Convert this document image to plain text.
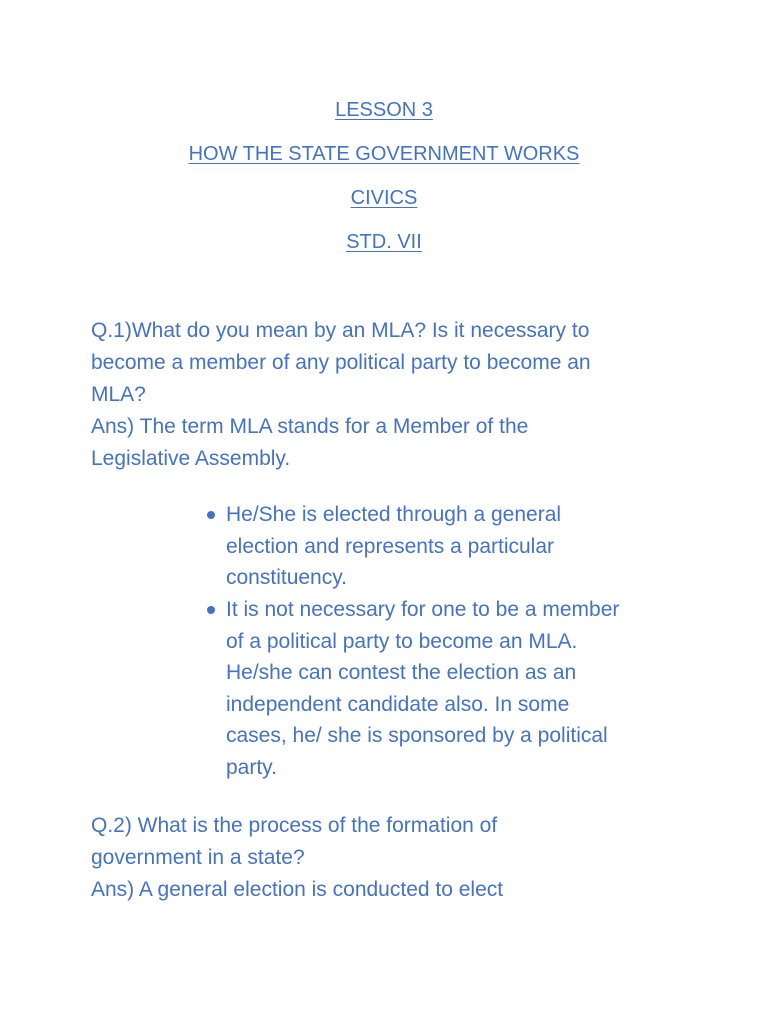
LESSON 3
HOW THE STATE GOVERNMENT WORKS
CIVICS
STD. VII
Q.1)What do you mean by an MLA? Is it necessary to
become a member of any political party to become an
MLA?
Ans) The term MLA stands for a Member of the
Legislative Assembly.
He/She is elected through a general
election and represents a particular
constituency.
It is not necessary for one to be a member
of a political party to become an MLA.
He/she can contest the election as an
independent candidate also. In some
cases, he/ she is sponsored by a political
party.
Q.2) What is the process of the formation of
government in a state?
Ans) A general election is conducted to elect
